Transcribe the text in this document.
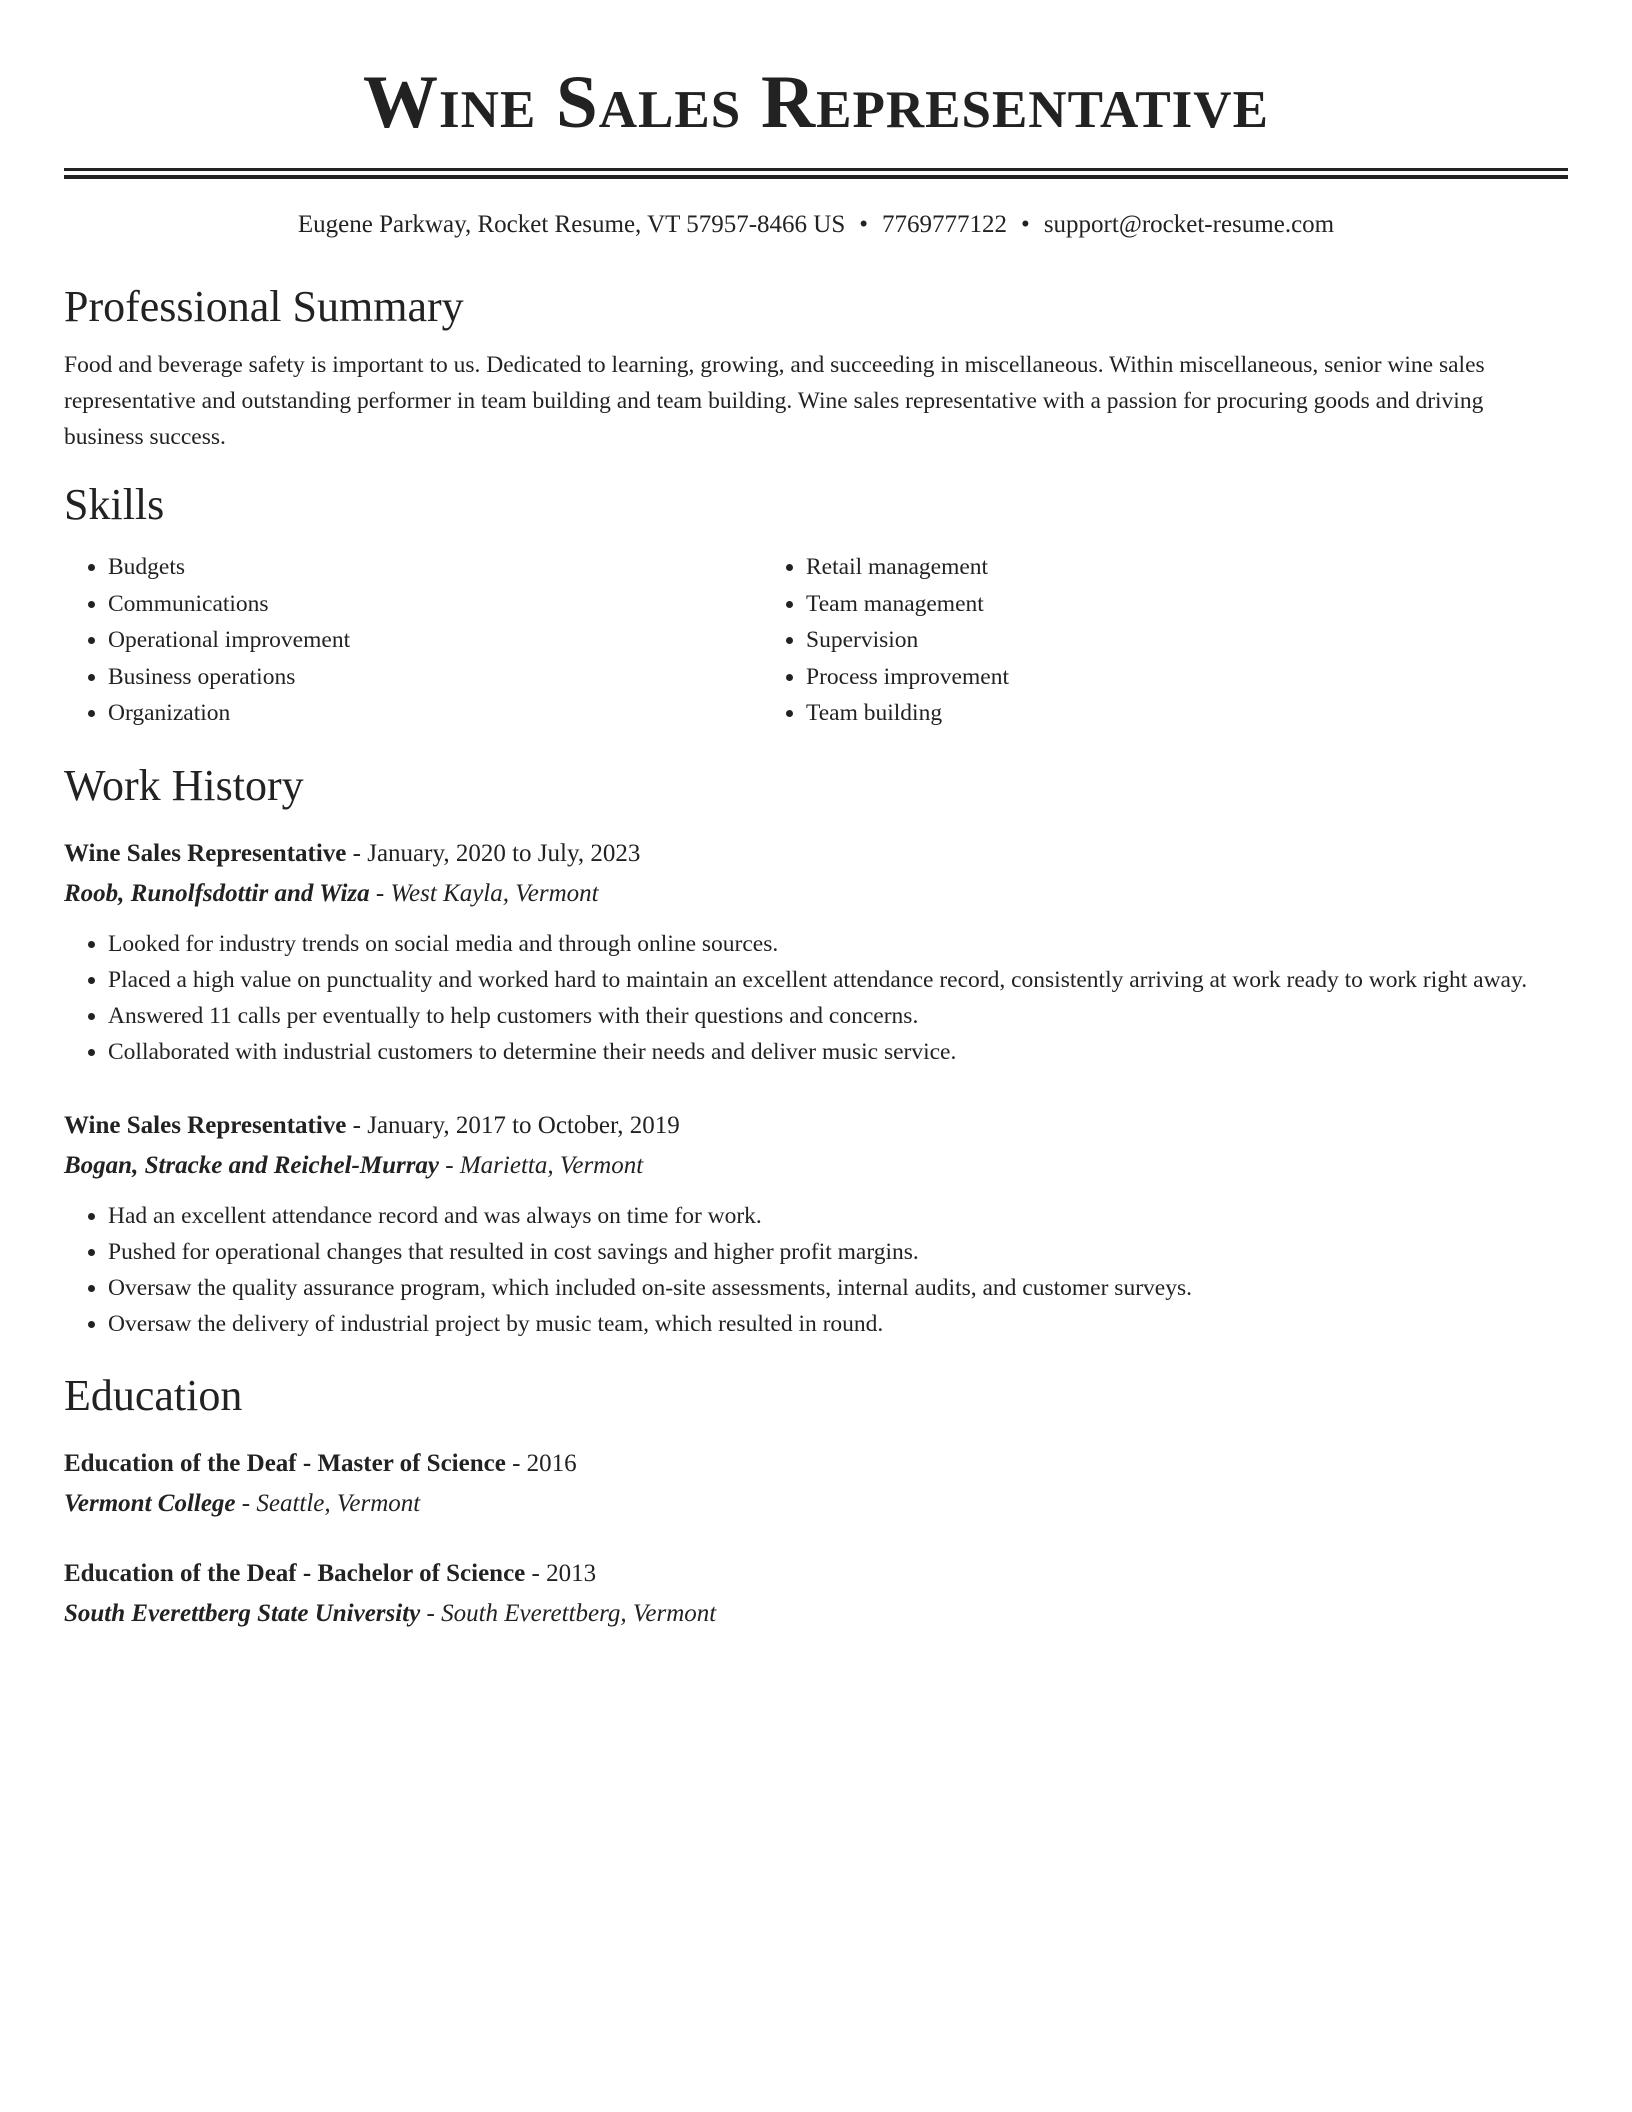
Wine Sales Representative
Eugene Parkway, Rocket Resume, VT 57957-8466 US • 7769777122 • support@rocket-resume.com
Professional Summary

Food and beverage safety is important to us. Dedicated to learning, growing, and succeeding in miscellaneous. Within miscellaneous, senior wine sales representative and outstanding performer in team building and team building. Wine sales representative with a passion for procuring goods and driving business success.

Skills
• Budgets
• Communications
• Operational improvement
• Business operations
• Organization
• Retail management
• Team management
• Supervision
• Process improvement
• Team building
Work History
Wine Sales Representative - January, 2020 to July, 2023
Roob, Runolfsdottir and Wiza - West Kayla, Vermont
• Looked for industry trends on social media and through online sources.
• Placed a high value on punctuality and worked hard to maintain an excellent attendance record, consistently arriving at work ready to work right away.
• Answered 11 calls per eventually to help customers with their questions and concerns.
• Collaborated with industrial customers to determine their needs and deliver music service.
Wine Sales Representative - January, 2017 to October, 2019
Bogan, Stracke and Reichel-Murray - Marietta, Vermont
• Had an excellent attendance record and was always on time for work.
• Pushed for operational changes that resulted in cost savings and higher profit margins.
• Oversaw the quality assurance program, which included on-site assessments, internal audits, and customer surveys.
• Oversaw the delivery of industrial project by music team, which resulted in round.
Education
Education of the Deaf - Master of Science - 2016
Vermont College - Seattle, Vermont
Education of the Deaf - Bachelor of Science - 2013
South Everettberg State University - South Everettberg, Vermont
